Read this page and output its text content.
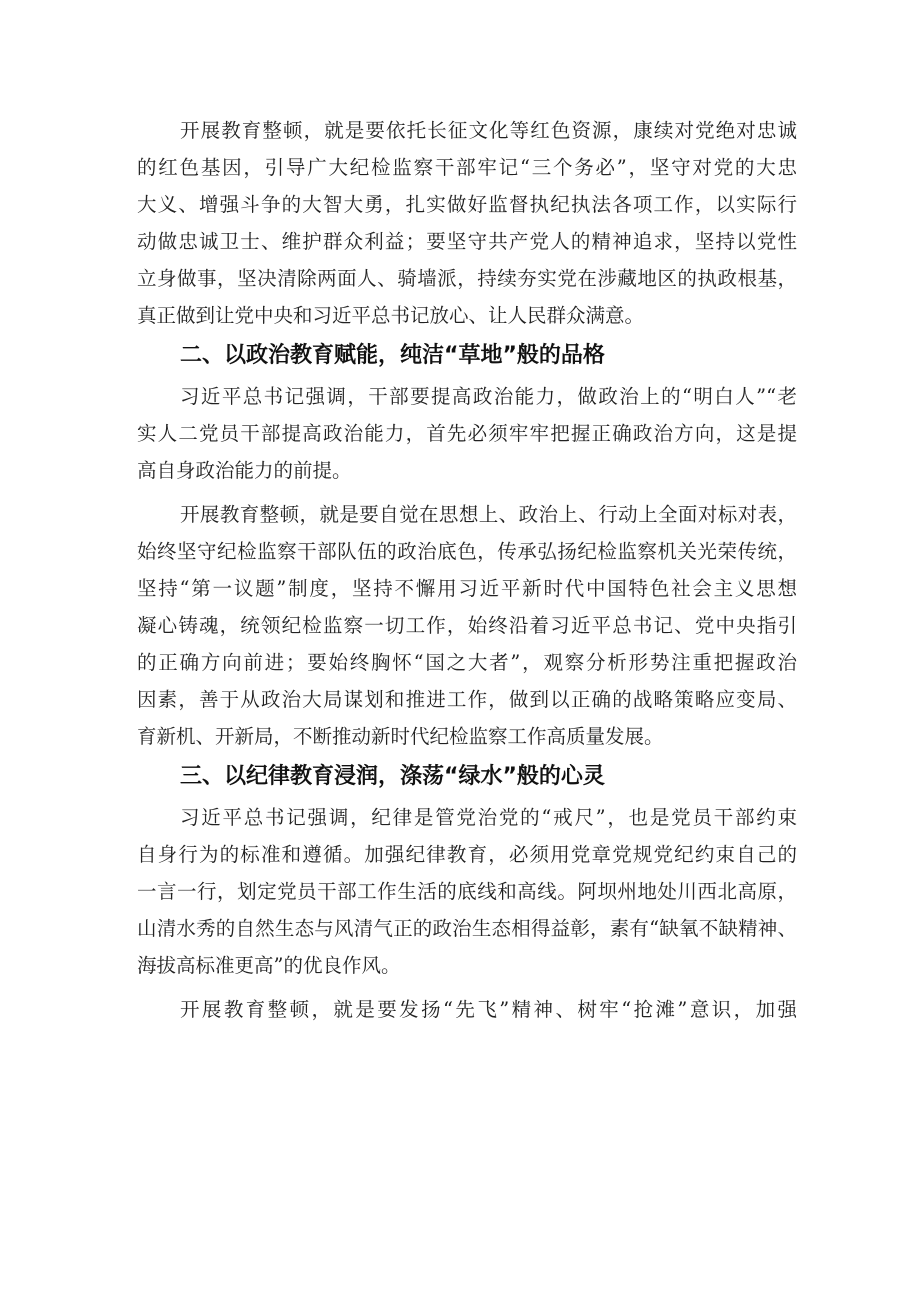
开展教育整顿，就是要依托长征文化等红色资源，康续对党绝对忠诚
的红色基因，引导广大纪检监察干部牢记“三个务必”，坚守对党的大忠
大义、增强斗争的大智大勇，扎实做好监督执纪执法各项工作，以实际行
动做忠诚卫士、维护群众利益；要坚守共产党人的精神追求，坚持以党性
立身做事，坚决清除两面人、骑墙派，持续夯实党在涉藏地区的执政根基，
真正做到让党中央和习近平总书记放心、让人民群众满意。
二、以政治教育赋能，纯洁“草地”般的品格
习近平总书记强调，干部要提高政治能力，做政治上的“明白人”“老
实人二党员干部提高政治能力，首先必须牢牢把握正确政治方向，这是提
高自身政治能力的前提。
开展教育整顿，就是要自觉在思想上、政治上、行动上全面对标对表，
始终坚守纪检监察干部队伍的政治底色，传承弘扬纪检监察机关光荣传统，
坚持“第一议题”制度，坚持不懈用习近平新时代中国特色社会主义思想
凝心铸魂，统领纪检监察一切工作，始终沿着习近平总书记、党中央指引
的正确方向前进；要始终胸怀“国之大者”，观察分析形势注重把握政治
因素，善于从政治大局谋划和推进工作，做到以正确的战略策略应变局、
育新机、开新局，不断推动新时代纪检监察工作高质量发展。
三、以纪律教育浸润，涤荡“绿水”般的心灵
习近平总书记强调，纪律是管党治党的“戒尺”，也是党员干部约束
自身行为的标准和遵循。加强纪律教育，必须用党章党规党纪约束自己的
一言一行，划定党员干部工作生活的底线和高线。阿坝州地处川西北高原，
山清水秀的自然生态与风清气正的政治生态相得益彰，素有“缺氧不缺精神、
海拔高标准更高”的优良作风。
开展教育整顿，就是要发扬“先飞”精神、树牢“抢滩”意识，加强
